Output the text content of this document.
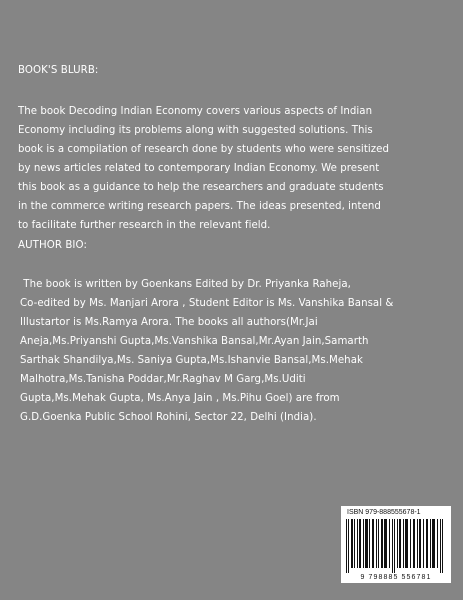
BOOK'S BLURB:
The book Decoding Indian Economy covers various aspects of Indian
Economy including its problems along with suggested solutions. This
book is a compilation of research done by students who were sensitized
by news articles related to contemporary Indian Economy. We present
this book as a guidance to help the researchers and graduate students
in the commerce writing research papers. The ideas presented, intend
to facilitate further research in the relevant field.
AUTHOR BIO:
The book is written by Goenkans Edited by Dr. Priyanka Raheja,
Co-edited by Ms. Manjari Arora , Student Editor is Ms. Vanshika Bansal &
Illustartor is Ms.Ramya Arora. The books all authors(Mr.Jai
Aneja,Ms.Priyanshi Gupta,Ms.Vanshika Bansal,Mr.Ayan Jain,Samarth
Sarthak Shandilya,Ms. Saniya Gupta,Ms.Ishanvie Bansal,Ms.Mehak
Malhotra,Ms.Tanisha Poddar,Mr.Raghav M Garg,Ms.Uditi
Gupta,Ms.Mehak Gupta, Ms.Anya Jain , Ms.Pihu Goel) are from
G.D.Goenka Public School Rohini, Sector 22, Delhi (India).
ISBN 979-888555678-1
9 798885 556781
